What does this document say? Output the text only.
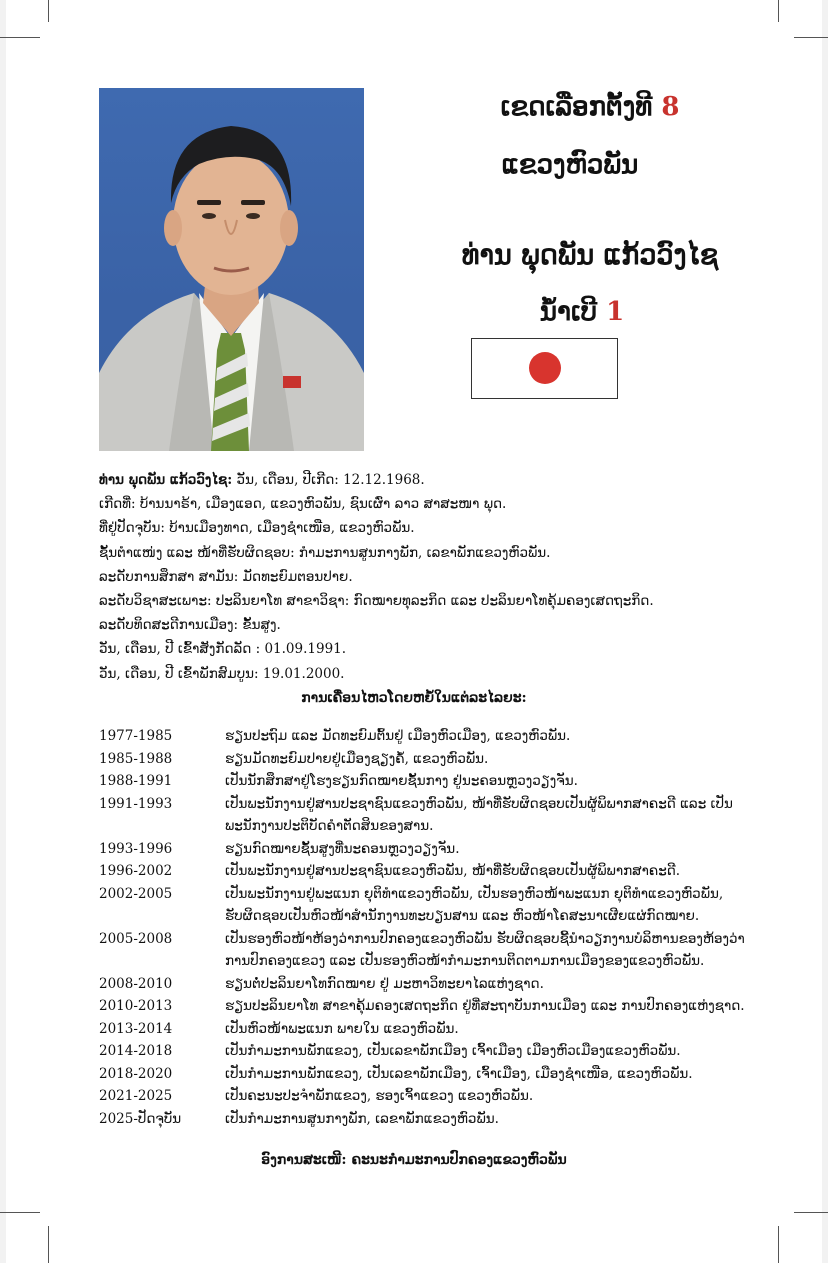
ເຂດເລືອກຕັ້ງທີ 8
ແຂວງຫົວພັນ
ທ່ານ ພຸດພັນ ແກ້ວວົງໄຊ
ນໍ້າເບີ 1
ທ່ານ ພຸດພັນ ແກ້ວວົງໄຊ: ວັນ, ເດືອນ, ປີເກີດ: 12.12.1968.
ເກີດທີ່: ບ້ານນາຣ້າ, ເມືອງແອດ, ແຂວງຫົວພັນ, ຊົນເຜົ່າ ລາວ ສາສະໜາ ພຸດ.
ທີ່ຢູ່ປັດຈຸບັນ: ບ້ານເມືອງທາດ, ເມືອງຊຳເໜືອ, ແຂວງຫົວພັນ.
ຊັ້ນຕຳແໜ່ງ ແລະ ໜ້າທີ່ຮັບຜິດຊອບ: ກຳມະການສູນກາງພັກ, ເລຂາພັກແຂວງຫົວພັນ.
ລະດັບການສຶກສາ ສາມັນ: ມັດທະຍົມຕອນປາຍ.
ລະດັບວິຊາສະເພາະ: ປະລິນຍາໂທ ສາຂາວິຊາ: ກົດໝາຍທຸລະກິດ ແລະ ປະລິນຍາໂທຄຸ້ມຄອງເສດຖະກິດ.
ລະດັບທິດສະດີການເມືອງ: ຂັ້ນສູງ.
ວັນ, ເດືອນ, ປີ ເຂົ້າສັງກັດລັດ : 01.09.1991.
ວັນ, ເດືອນ, ປີ ເຂົ້າພັກສົມບູນ: 19.01.2000.
ການເຄື່ອນໄຫວໂດຍຫຍໍ້ໃນແຕ່ລະໄລຍະ:
1977-1985	ຮຽນປະຖົມ ແລະ ມັດທະຍົມຕົ້ນຢູ່ ເມືອງຫົວເມືອງ, ແຂວງຫົວພັນ.
1985-1988	ຮຽນມັດທະຍົມປາຍຢູ່ເມືອງຊຽງຄໍ້, ແຂວງຫົວພັນ.
1988-1991	ເປັນນັກສຶກສາຢູ່ໂຮງຮຽນກົດໝາຍຊັ້ນກາງ ຢູ່ນະຄອນຫຼວງວຽງຈັນ.
1991-1993	ເປັນພະນັກງານຢູ່ສານປະຊາຊົນແຂວງຫົວພັນ, ໜ້າທີ່ຮັບຜິດຊອບເປັນຜູ້ພິພາກສາຄະດີ ແລະ ເປັນພະນັກງານປະຕິບັດຄຳຕັດສິນຂອງສານ.
1993-1996	ຮຽນກົດໝາຍຊັ້ນສູງທີ່ນະຄອນຫຼວງວຽງຈັນ.
1996-2002	ເປັນພະນັກງານຢູ່ສານປະຊາຊົນແຂວງຫົວພັນ, ໜ້າທີ່ຮັບຜິດຊອບເປັນຜູ້ພິພາກສາຄະດີ.
2002-2005	ເປັນພະນັກງານຢູ່ພະແນກ ຍຸຕິທຳແຂວງຫົວພັນ, ເປັນຮອງຫົວໜ້າພະແນກ ຍຸຕິທຳແຂວງຫົວພັນ, ຮັບຜິດຊອບເປັນຫົວໜ້າສຳນັກງານທະບຽນສານ ແລະ ຫົວໜ້າໂຄສະນາເຜີຍແຜ່ກົດໝາຍ.
2005-2008	ເປັນຮອງຫົວໜ້າຫ້ອງວ່າການປົກຄອງແຂວງຫົວພັນ ຮັບຜິດຊອບຊີ້ນຳວຽກງານບໍລິຫານຂອງຫ້ອງວ່າການປົກຄອງແຂວງ ແລະ ເປັນຮອງຫົວໜ້າກຳມະການຕິດຕາມການເມືອງຂອງແຂວງຫົວພັນ.
2008-2010	ຮຽນຕໍ່ປະລິນຍາໂທກົດໝາຍ ຢູ່ ມະຫາວິທະຍາໄລແຫ່ງຊາດ.
2010-2013	ຮຽນປະລິນຍາໂທ ສາຂາຄຸ້ມຄອງເສດຖະກິດ ຢູ່ທີ່ສະຖາບັນການເມືອງ ແລະ ການປົກຄອງແຫ່ງຊາດ.
2013-2014	ເປັນຫົວໜ້າພະແນກ ພາຍໃນ ແຂວງຫົວພັນ.
2014-2018	ເປັນກຳມະການພັກແຂວງ, ເປັນເລຂາພັກເມືອງ ເຈົ້າເມືອງ ເມືອງຫົວເມືອງແຂວງຫົວພັນ.
2018-2020	ເປັນກຳມະການພັກແຂວງ, ເປັນເລຂາພັກເມືອງ, ເຈົ້າເມືອງ, ເມືອງຊຳເໜືອ, ແຂວງຫົວພັນ.
2021-2025	ເປັນຄະນະປະຈຳພັກແຂວງ, ຮອງເຈົ້າແຂວງ ແຂວງຫົວພັນ.
2025-ປັດຈຸບັນ	ເປັນກຳມະການສູນກາງພັກ, ເລຂາພັກແຂວງຫົວພັນ.
ອົງການສະເໜີ: ຄະນະກຳມະການປົກຄອງແຂວງຫົວພັນ
